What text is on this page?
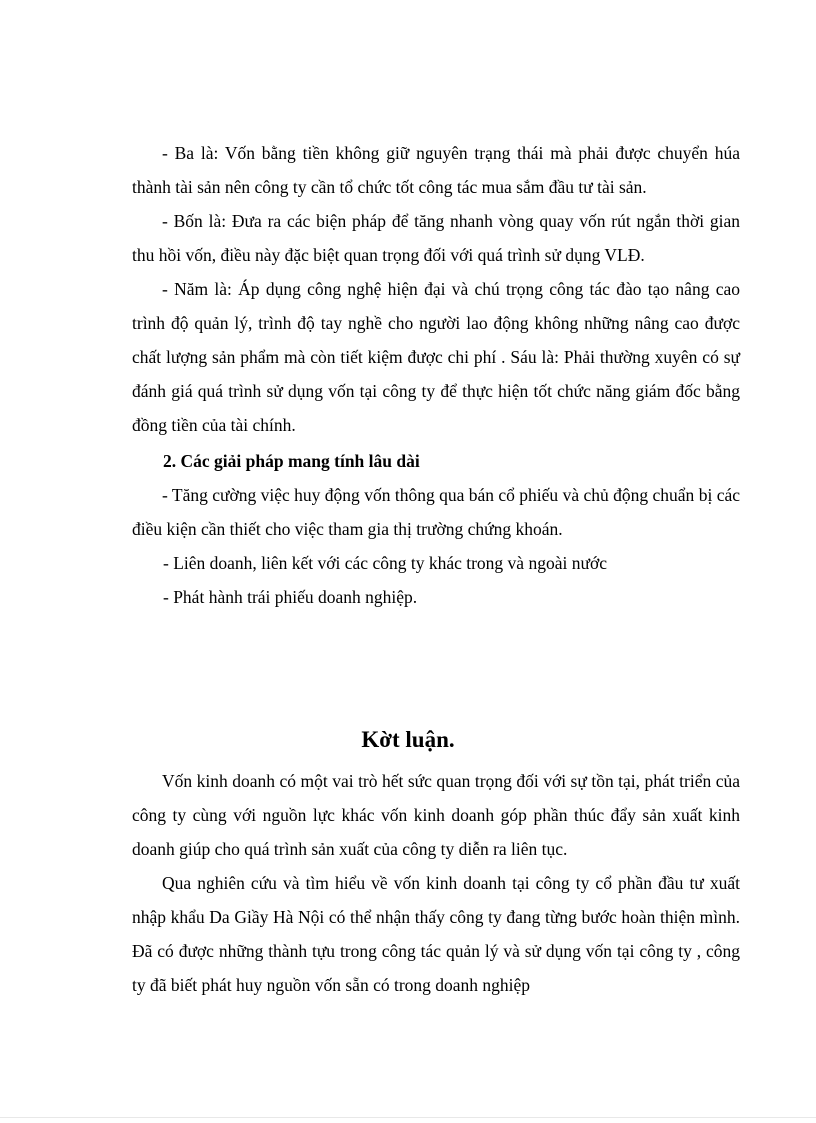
- Ba là: Vốn bằng tiền không giữ nguyên trạng thái mà phải được chuyển húa thành tài sản nên công ty cần tổ chức tốt công tác mua sắm đầu tư tài sản.

- Bốn là: Đưa ra các biện pháp để tăng nhanh vòng quay vốn rút ngắn thời gian thu hồi vốn, điều này đặc biệt quan trọng đối với quá trình sử dụng VLĐ.

- Năm là: Áp dụng công nghệ hiện đại và chú trọng công tác đào tạo nâng cao trình độ quản lý, trình độ tay nghề cho người lao động không những nâng cao được chất lượng sản phẩm mà còn tiết kiệm được chi phí . Sáu là: Phải thường xuyên có sự đánh giá quá trình sử dụng vốn tại công ty để thực hiện tốt chức năng giám đốc bằng đồng tiền của tài chính.

2. Các giải pháp mang tính lâu dài

- Tăng cường việc huy động vốn thông qua bán cổ phiếu và chủ động chuẩn bị các điều kiện cần thiết cho việc tham gia thị trường chứng khoán.

- Liên doanh, liên kết với các công ty khác trong và ngoài nước

- Phát hành trái phiếu doanh nghiệp.

Kờt luận.

Vốn kinh doanh có một vai trò hết sức quan trọng đối với sự tồn tại, phát triển của công ty cùng với nguồn lực khác vốn kinh doanh góp phần thúc đẩy sản xuất kinh doanh giúp cho quá trình sản xuất của công ty diễn ra liên tục.

Qua nghiên cứu và tìm hiểu về vốn kinh doanh tại công ty cổ phần đầu tư xuất nhập khẩu Da Giầy Hà Nội có thể nhận thấy công ty đang từng bước hoàn thiện mình. Đã có được những thành tựu trong công tác quản lý và sử dụng vốn tại công ty , công ty đã biết phát huy nguồn vốn sẵn có trong doanh nghiệp
